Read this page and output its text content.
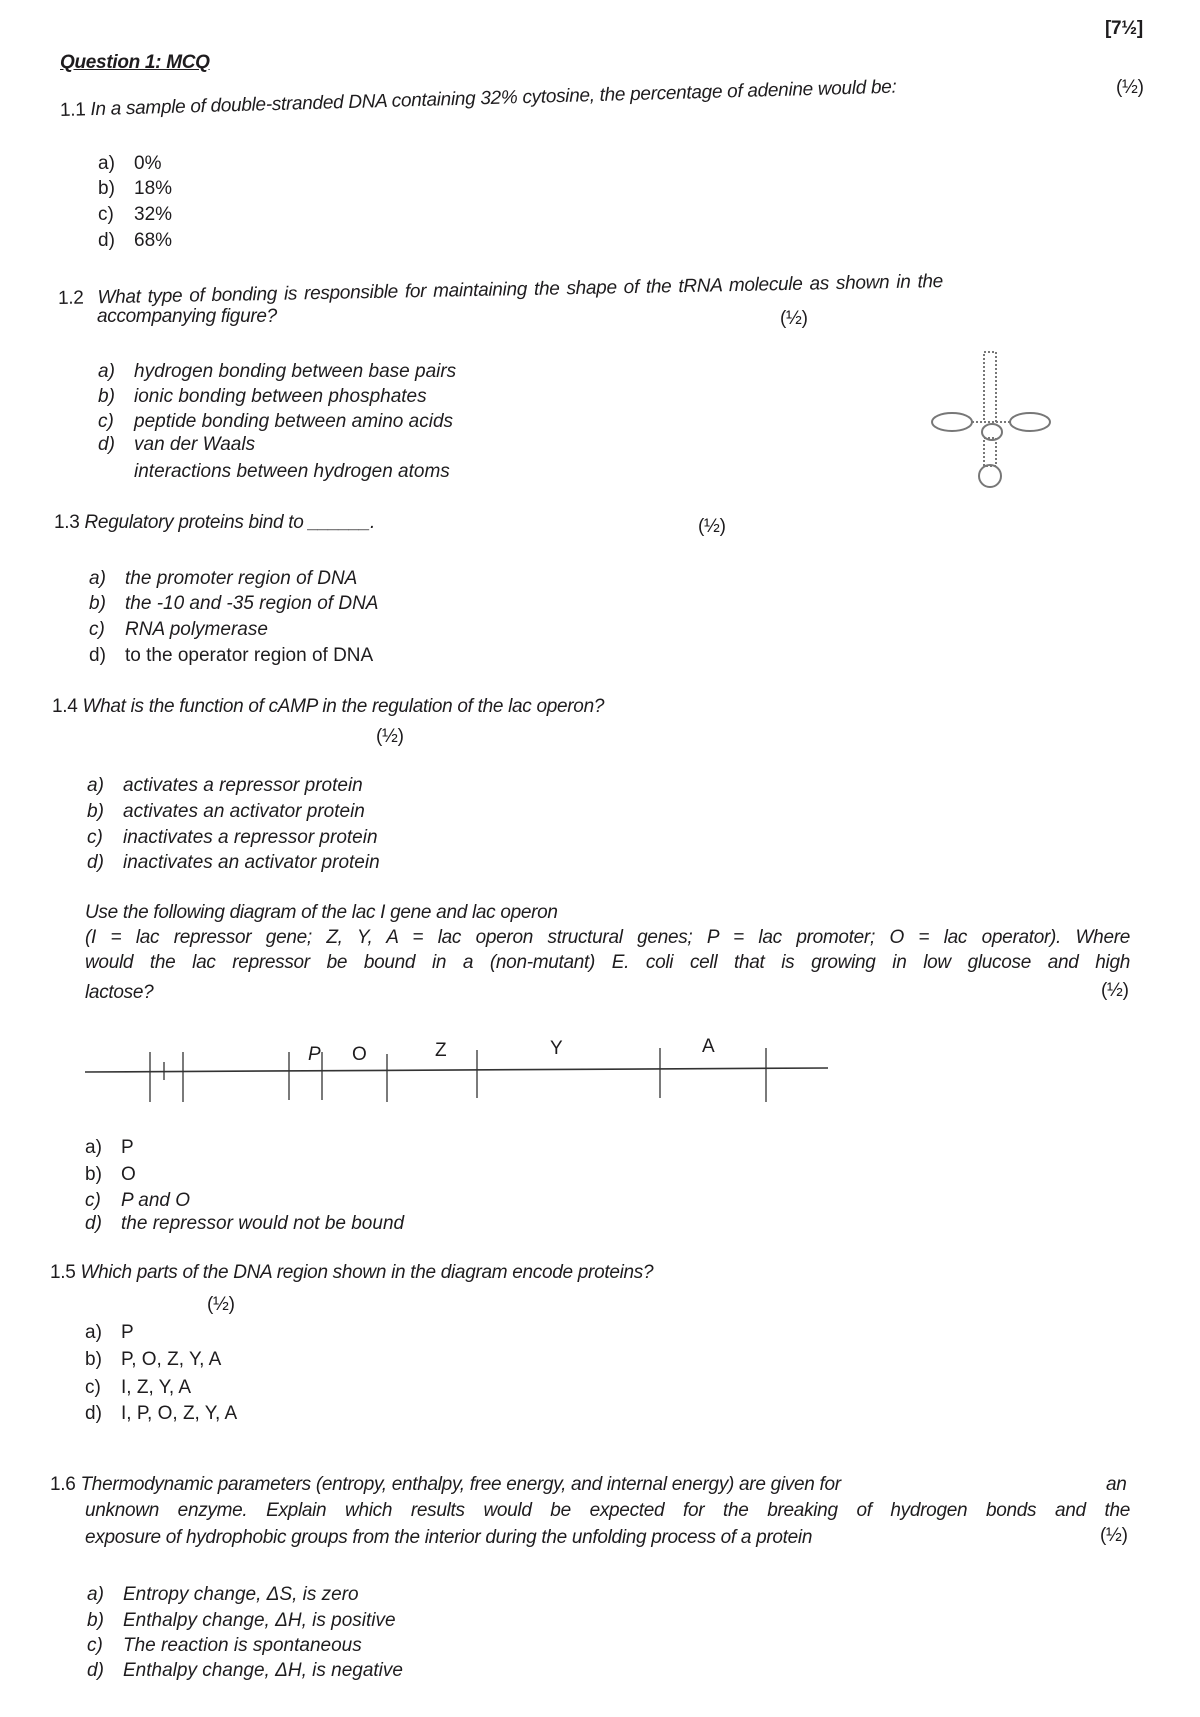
[7½]
Question 1: MCQ
1.1 In a sample of double-stranded DNA containing 32% cytosine, the percentage of adenine would be:	(½)
a) 0%
b) 18%
c) 32%
d) 68%
1.2 What type of bonding is responsible for maintaining the shape of the tRNA molecule as shown in the
accompanying figure?	(½)
a) hydrogen bonding between base pairs
b) ionic bonding between phosphates
c) peptide bonding between amino acids
d) van der Waals
interactions between hydrogen atoms
1.3 Regulatory proteins bind to ______.	(½)
a) the promoter region of DNA
b) the -10 and -35 region of DNA
c) RNA polymerase
d) to the operator region of DNA
1.4 What is the function of cAMP in the regulation of the lac operon?
(½)
a) activates a repressor protein
b) activates an activator protein
c) inactivates a repressor protein
d) inactivates an activator protein
Use the following diagram of the lac I gene and lac operon
(I = lac repressor gene; Z, Y, A = lac operon structural genes; P = lac promoter; O = lac operator). Where
would the lac repressor be bound in a (non-mutant) E. coli cell that is growing in low glucose and high
lactose?	(½)
P O	Z	Y	A
a) P
b) O
c) P and O
d) the repressor would not be bound
1.5 Which parts of the DNA region shown in the diagram encode proteins?
(½)
a) P
b) P, O, Z, Y, A
c) I, Z, Y, A
d) I, P, O, Z, Y, A
1.6 Thermodynamic parameters (entropy, enthalpy, free energy, and internal energy) are given for	an
unknown enzyme. Explain which results would be expected for the breaking of hydrogen bonds and the
exposure of hydrophobic groups from the interior during the unfolding process of a protein	(½)
a) Entropy change, ΔS, is zero
b) Enthalpy change, ΔH, is positive
c) The reaction is spontaneous
d) Enthalpy change, ΔH, is negative
